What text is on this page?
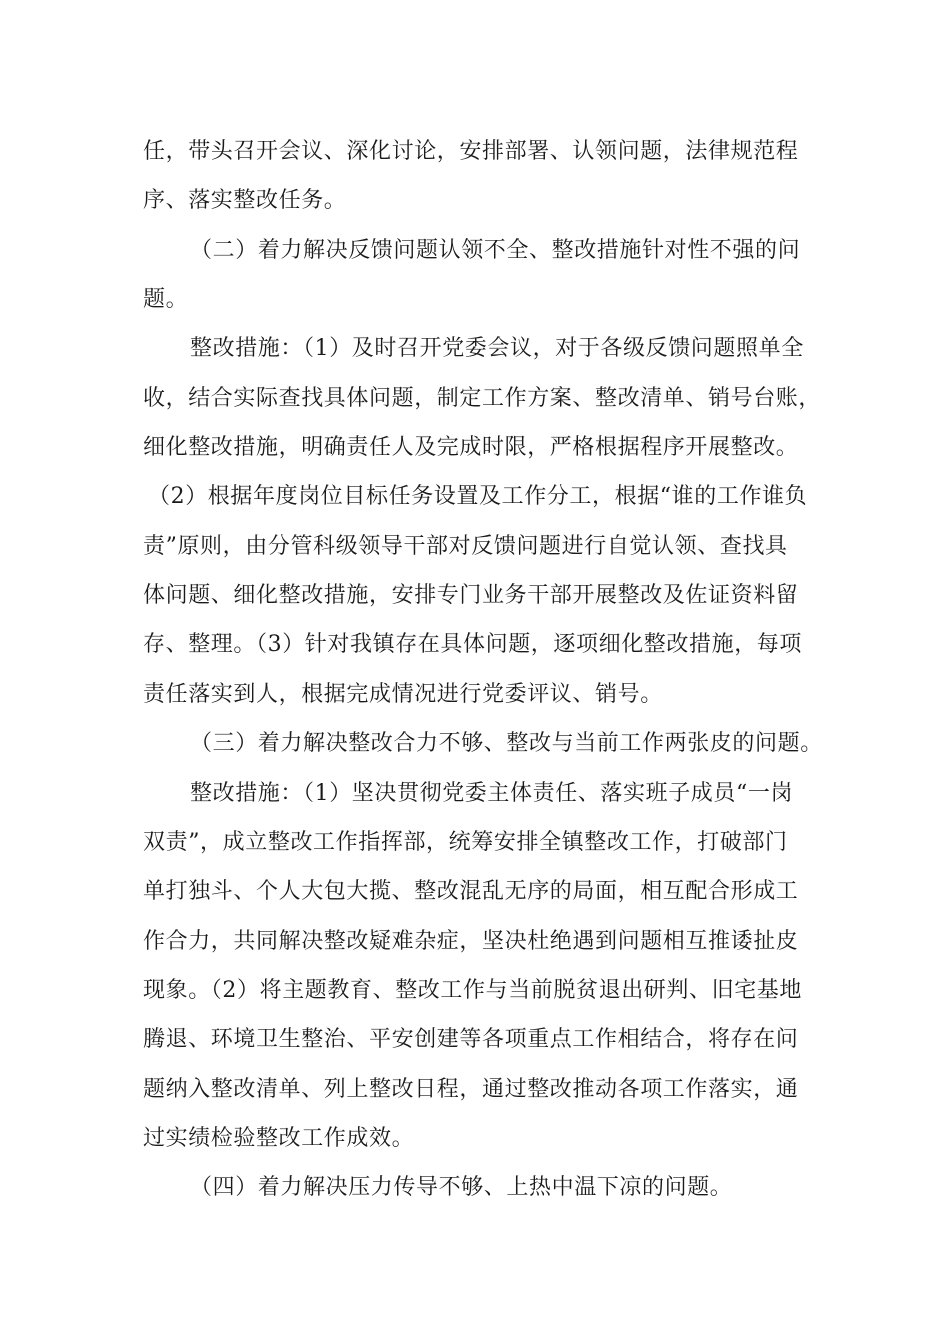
任，带头召开会议、深化讨论，安排部署、认领问题，法律规范程
序、落实整改任务。
（二）着力解决反馈问题认领不全、整改措施针对性不强的问
题。
整改措施：（1）及时召开党委会议，对于各级反馈问题照单全
收，结合实际查找具体问题，制定工作方案、整改清单、销号台账，
细化整改措施，明确责任人及完成时限，严格根据程序开展整改。
（2）根据年度岗位目标任务设置及工作分工，根据“谁的工作谁负
责”原则，由分管科级领导干部对反馈问题进行自觉认领、查找具
体问题、细化整改措施，安排专门业务干部开展整改及佐证资料留
存、整理。（3）针对我镇存在具体问题，逐项细化整改措施，每项
责任落实到人，根据完成情况进行党委评议、销号。
（三）着力解决整改合力不够、整改与当前工作两张皮的问题。
整改措施：（1）坚决贯彻党委主体责任、落实班子成员“一岗
双责”，成立整改工作指挥部，统筹安排全镇整改工作，打破部门
单打独斗、个人大包大揽、整改混乱无序的局面，相互配合形成工
作合力，共同解决整改疑难杂症，坚决杜绝遇到问题相互推诿扯皮
现象。（2）将主题教育、整改工作与当前脱贫退出研判、旧宅基地
腾退、环境卫生整治、平安创建等各项重点工作相结合，将存在问
题纳入整改清单、列上整改日程，通过整改推动各项工作落实，通
过实绩检验整改工作成效。
（四）着力解决压力传导不够、上热中温下凉的问题。
